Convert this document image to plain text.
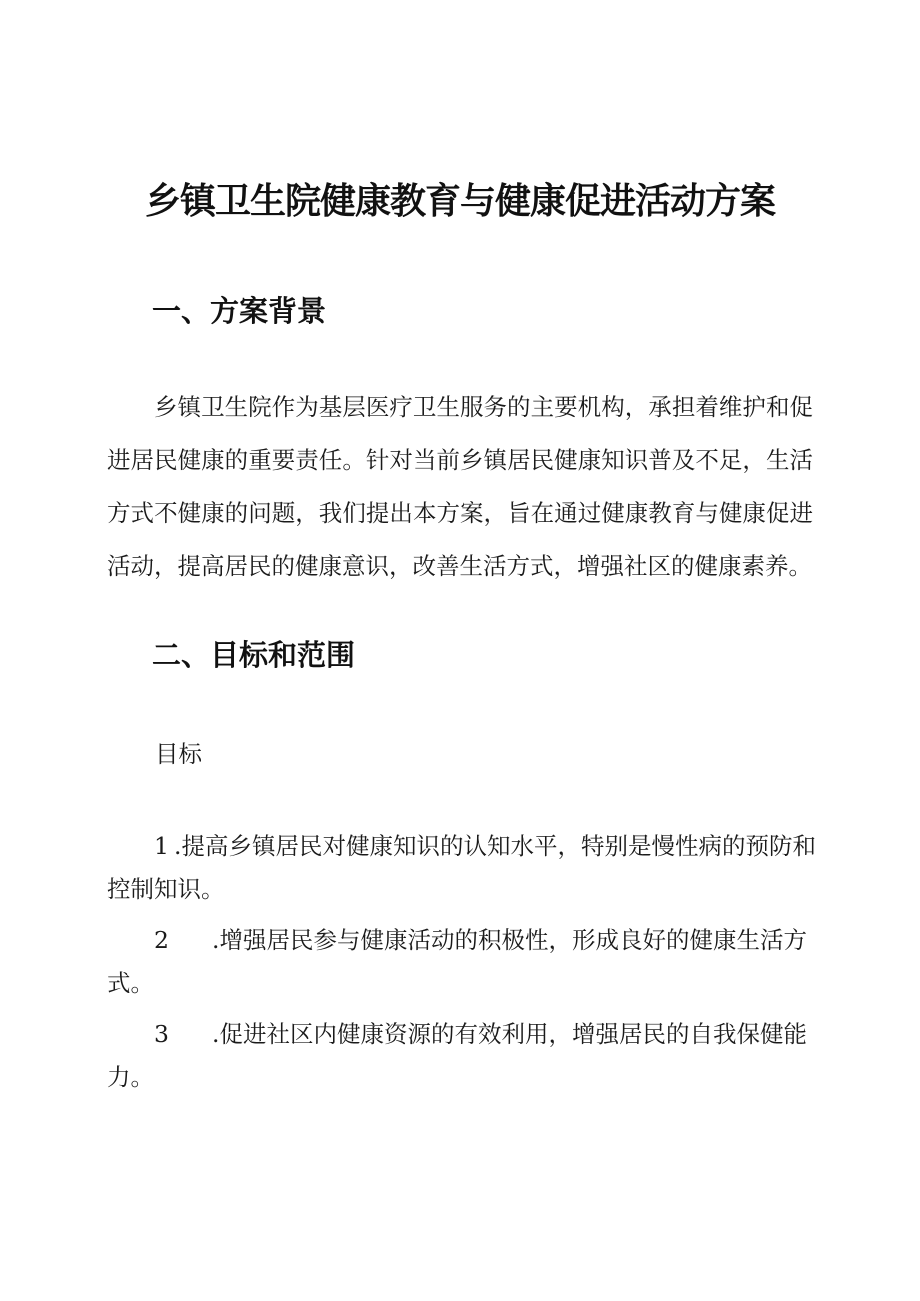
乡镇卫生院健康教育与健康促进活动方案
一、方案背景

乡镇卫生院作为基层医疗卫生服务的主要机构，承担着维护和促进居民健康的重要责任。针对当前乡镇居民健康知识普及不足，生活方式不健康的问题，我们提出本方案，旨在通过健康教育与健康促进活动，提高居民的健康意识，改善生活方式，增强社区的健康素养。

二、目标和范围
目标

1 .提高乡镇居民对健康知识的认知水平，特别是慢性病的预防和控制知识。

2 .增强居民参与健康活动的积极性，形成良好的健康生活方式。

3 .促进社区内健康资源的有效利用，增强居民的自我保健能力。
